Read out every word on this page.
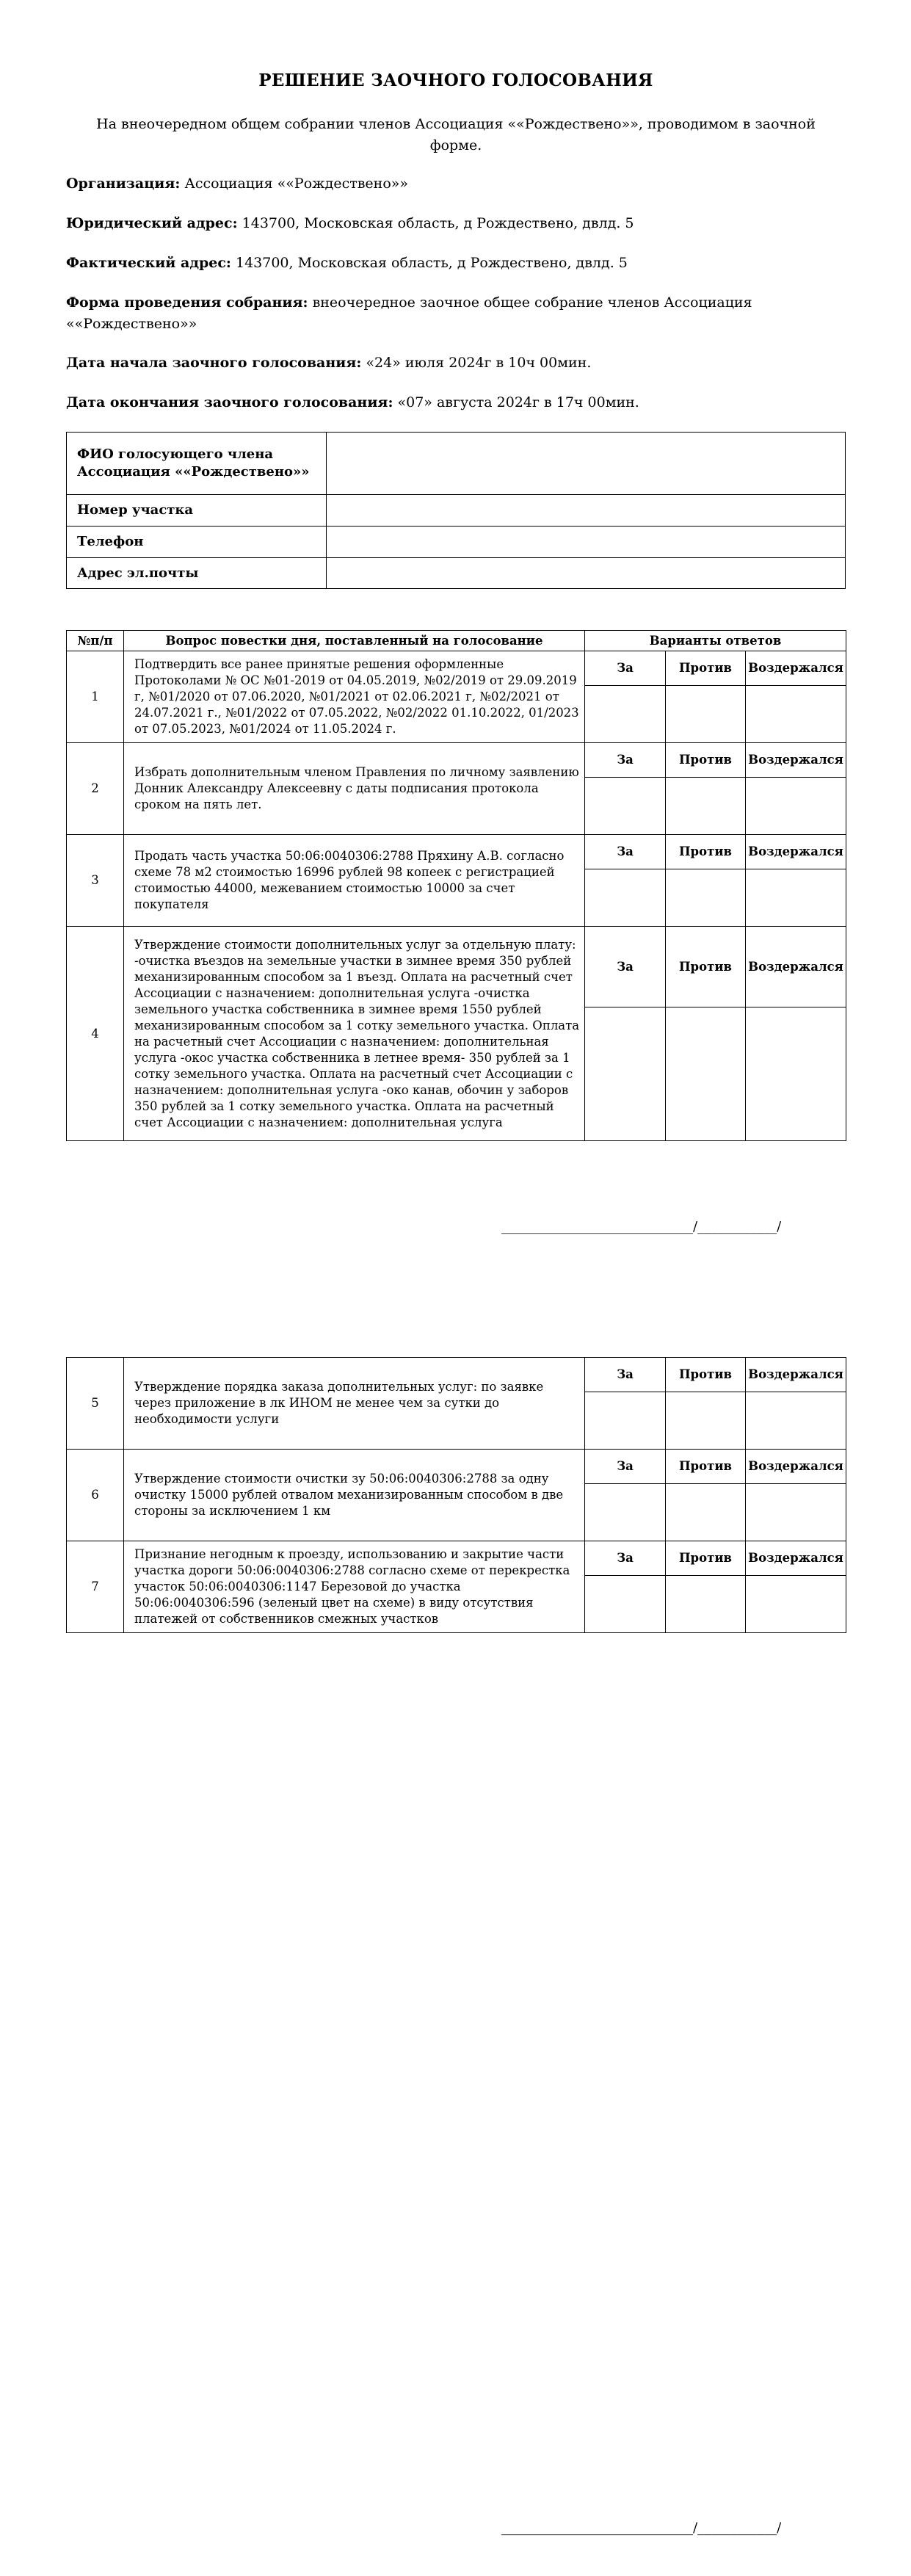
РЕШЕНИЕ ЗАОЧНОГО ГОЛОСОВАНИЯ
На внеочередном общем собрании членов Ассоциация ««Рождествено»», проводимом в заочной форме.
Организация: Ассоциация ««Рождествено»»
Юридический адрес: 143700, Московская область, д Рождествено, двлд. 5
Фактический адрес: 143700, Московская область, д Рождествено, двлд. 5
Форма проведения собрания: внеочередное заочное общее собрание членов Ассоциация ««Рождествено»»
Дата начала заочного голосования: «24» июля 2024г в 10ч 00мин.
Дата окончания заочного голосования: «07» августа 2024г в 17ч 00мин.
ФИО голосующего члена Ассоциация ««Рождествено»»	
Номер участка	
Телефон	
Адрес эл.почты	
№п/п	Вопрос повестки дня, поставленный на голосование	Варианты ответов		
1	Подтвердить все ранее принятые решения оформленные Протоколами № ОС №01-2019 от 04.05.2019, №02/2019 от 29.09.2019 г, №01/2020 от 07.06.2020, №01/2021 от 02.06.2021 г, №02/2021 от 24.07.2021 г., №01/2022 от 07.05.2022, №02/2022 01.10.2022, 01/2023 от 07.05.2023, №01/2024 от 11.05.2024 г.	За	Против	Воздержался

2	Избрать дополнительным членом Правления по личному заявлению Донник Александру Алексеевну с даты подписания протокола сроком на пять лет.	За	Против	Воздержался

3	Продать часть участка 50:06:0040306:2788 Пряхину А.В. согласно схеме 78 м2 стоимостью 16996 рублей 98 копеек с регистрацией стоимостью 44000, межеванием стоимостью 10000 за счет покупателя	За	Против	Воздержался

4	Утверждение стоимости дополнительных услуг за отдельную плату: -очистка въездов на земельные участки в зимнее время 350 рублей механизированным способом за 1 въезд. Оплата на расчетный счет Ассоциации с назначением: дополнительная услуга -очистка земельного участка собственника в зимнее время 1550 рублей механизированным способом за 1 сотку земельного участка. Оплата на расчетный счет Ассоциации с назначением: дополнительная услуга -окос участка собственника в летнее время- 350 рублей за 1 сотку земельного участка. Оплата на расчетный счет Ассоциации с назначением: дополнительная услуга -око канав, обочин у заборов 350 рублей за 1 сотку земельного участка. Оплата на расчетный счет Ассоциации с назначением: дополнительная услуга	За	Против	Воздержался

_____________________________/____________/
5	Утверждение порядка заказа дополнительных услуг: по заявке через приложение в лк ИНОМ не менее чем за сутки до необходимости услуги	За	Против	Воздержался

6	Утверждение стоимости очистки зу 50:06:0040306:2788 за одну очистку 15000 рублей отвалом механизированным способом в две стороны за исключением 1 км	За	Против	Воздержался

7	Признание негодным к проезду, использованию и закрытие части участка дороги 50:06:0040306:2788 согласно схеме от перекрестка участок 50:06:0040306:1147 Березовой до участка 50:06:0040306:596 (зеленый цвет на схеме) в виду отсутствия платежей от собственников смежных участков	За	Против	Воздержался

_____________________________/____________/
